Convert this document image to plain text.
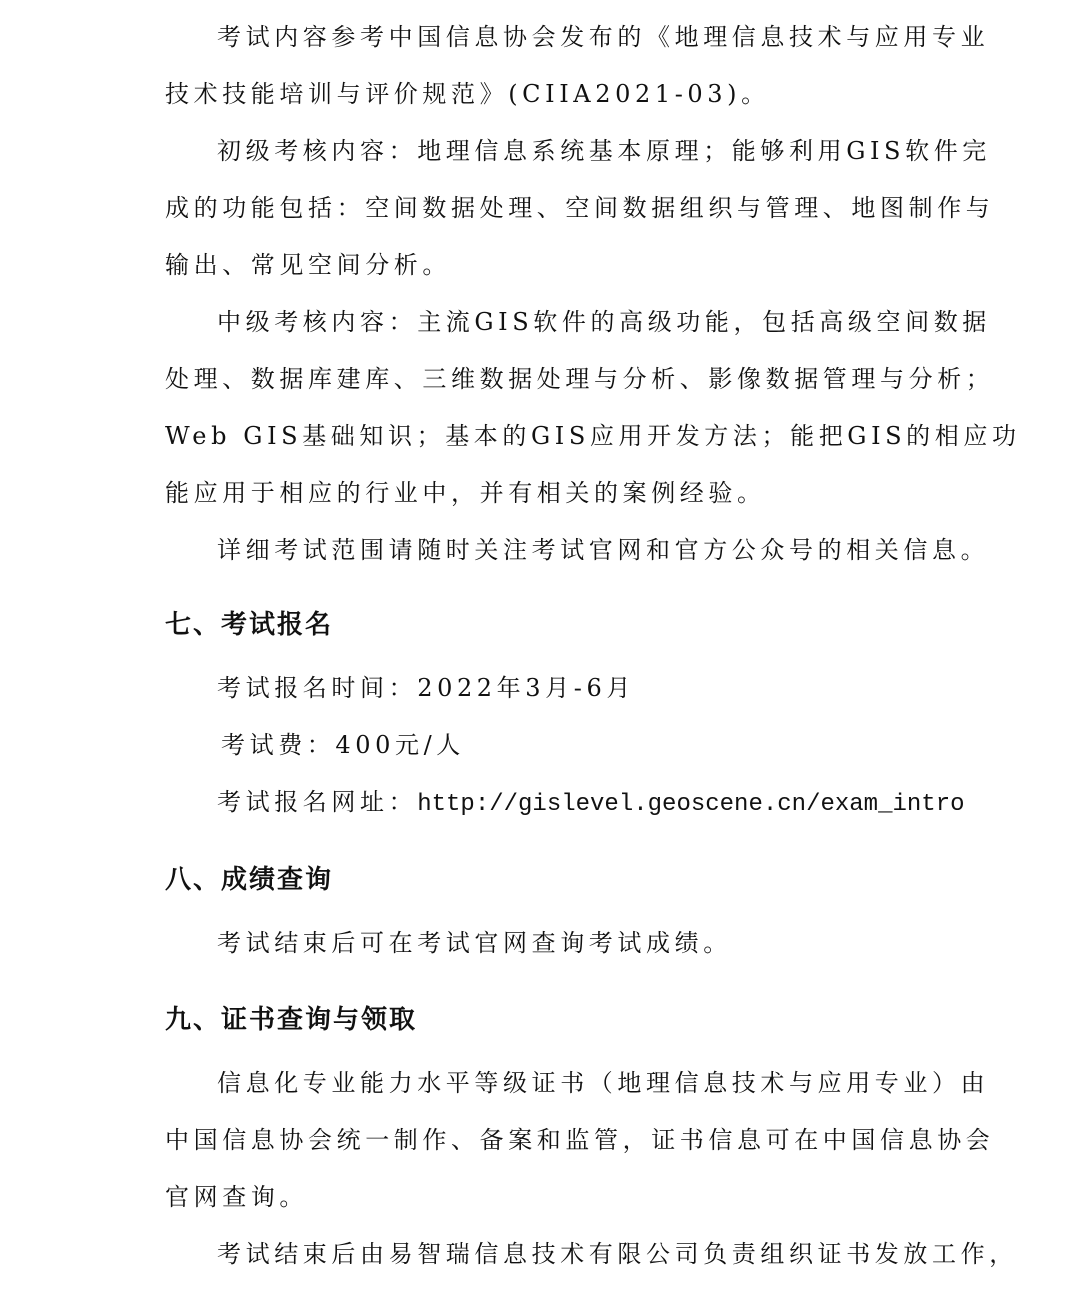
考试内容参考中国信息协会发布的《地理信息技术与应用专业
技术技能培训与评价规范》(CIIA2021-03)。
初级考核内容：地理信息系统基本原理；能够利用GIS软件完
成的功能包括：空间数据处理、空间数据组织与管理、地图制作与
输出、常见空间分析。
中级考核内容：主流GIS软件的高级功能，包括高级空间数据
处理、数据库建库、三维数据处理与分析、影像数据管理与分析；
Web GIS基础知识；基本的GIS应用开发方法；能把GIS的相应功
能应用于相应的行业中，并有相关的案例经验。
详细考试范围请随时关注考试官网和官方公众号的相关信息。
七、考试报名
考试报名时间：2022年3月-6月
考试费：400元/人
考试报名网址：http://gislevel.geoscene.cn/exam_intro
八、成绩查询
考试结束后可在考试官网查询考试成绩。
九、证书查询与领取
信息化专业能力水平等级证书（地理信息技术与应用专业）由
中国信息协会统一制作、备案和监管，证书信息可在中国信息协会
官网查询。
考试结束后由易智瑞信息技术有限公司负责组织证书发放工作，
